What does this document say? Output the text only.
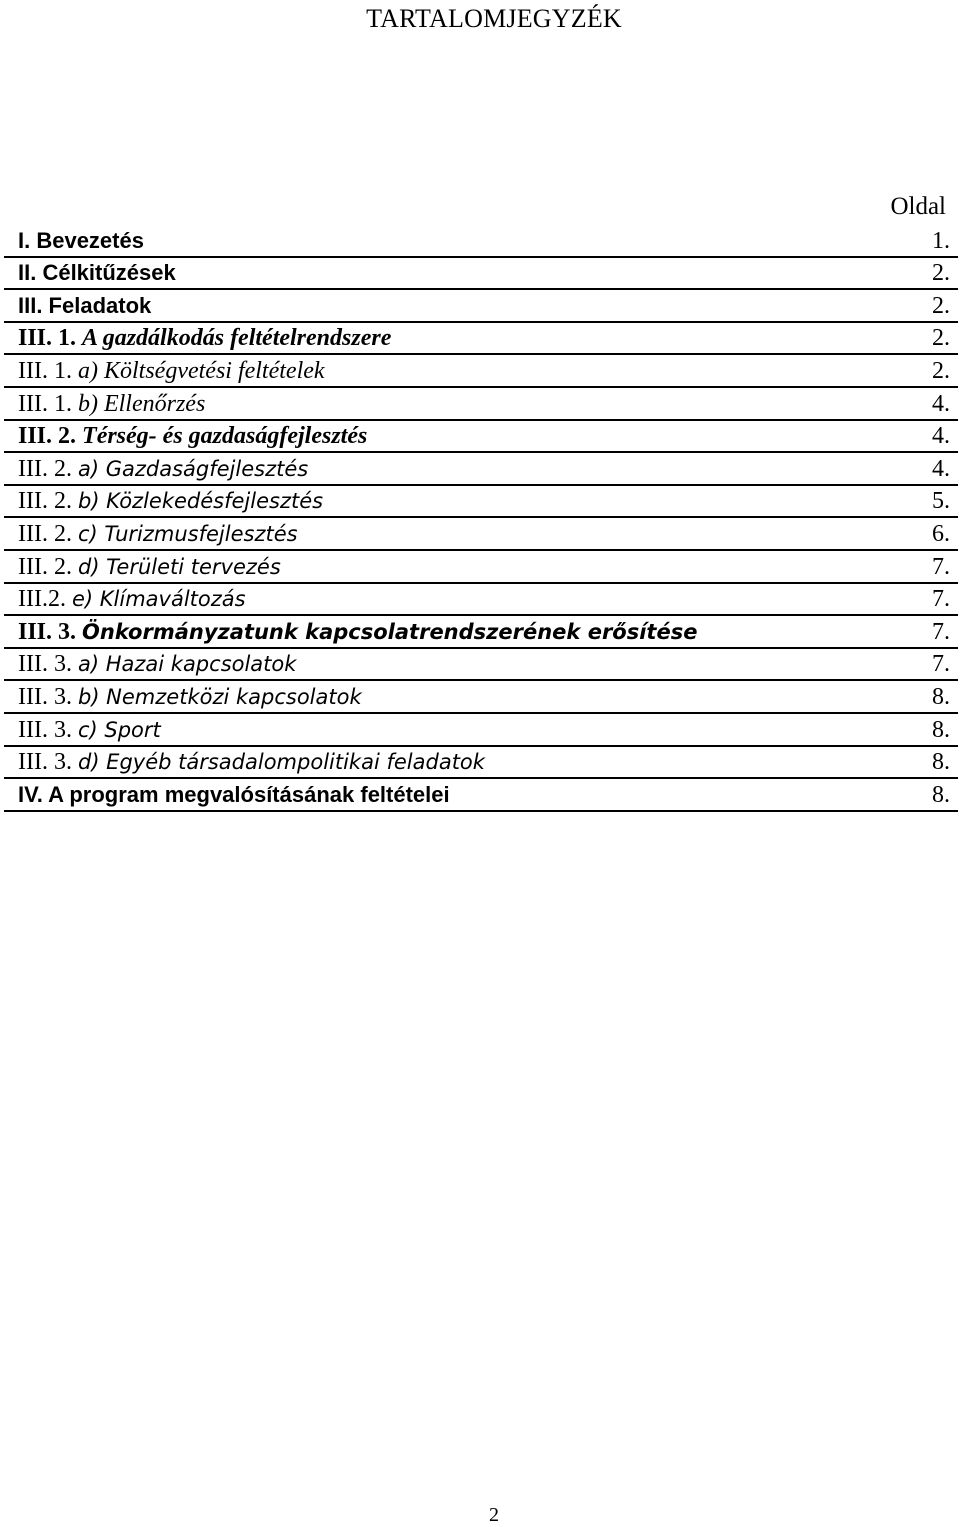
TARTALOMJEGYZÉK
Oldal
I. Bevezetés	1.
II. Célkitűzések	2.
III. Feladatok	2.
III. 1. A gazdálkodás feltételrendszere	2.
III. 1. a) Költségvetési feltételek	2.
III. 1. b) Ellenőrzés	4.
III. 2. Térség- és gazdaságfejlesztés	4.
III. 2. a) Gazdaságfejlesztés	4.
III. 2. b) Közlekedésfejlesztés	5.
III. 2. c) Turizmusfejlesztés	6.
III. 2. d) Területi tervezés	7.
III.2. e) Klímaváltozás	7.
III. 3. Önkormányzatunk kapcsolatrendszerének erősítése	7.
III. 3. a) Hazai kapcsolatok	7.
III. 3. b) Nemzetközi kapcsolatok	8.
III. 3. c) Sport	8.
III. 3. d) Egyéb társadalompolitikai feladatok	8.
IV. A program megvalósításának feltételei	8.
2
